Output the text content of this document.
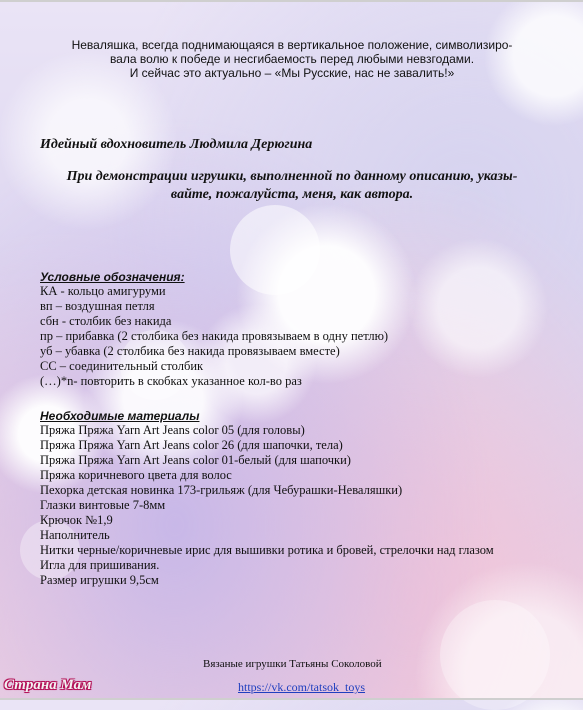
Неваляшка, всегда поднимающаяся в вертикальное положение, символизиро-
вала волю к победе и несгибаемость перед любыми невзгодами.
И сейчас это актуально – «Мы Русские, нас не завалить!»
Идейный вдохновитель Людмила Дерюгина
При демонстрации игрушки, выполненной по данному описанию, указы-
вайте, пожалуйста, меня, как автора.
Условные обозначения:
КА - кольцо амигуруми
вп – воздушная петля
сбн - столбик без накида
пр – прибавка (2 столбика без накида провязываем в одну петлю)
уб – убавка (2 столбика без накида провязываем вместе)
СС – соединительный столбик
(…)*n- повторить в скобках указанное кол-во раз
Необходимые материалы
Пряжа Пряжа Yarn Art Jeans color 05 (для головы)
Пряжа Пряжа Yarn Art Jeans color 26 (для шапочки, тела)
Пряжа Пряжа Yarn Art Jeans color 01-белый (для шапочки)
Пряжа коричневого цвета для волос
Пехорка детская новинка 173-грильяж (для Чебурашки-Неваляшки)
Глазки винтовые 7-8мм
Крючок №1,9
Наполнитель
Нитки черные/коричневые ирис для вышивки ротика и бровей, стрелочки над глазом
Игла для пришивания.
Размер игрушки 9,5см
Вязаные игрушки Татьяны Соколовой
https://vk.com/tatsok_toys
Страна Мам
